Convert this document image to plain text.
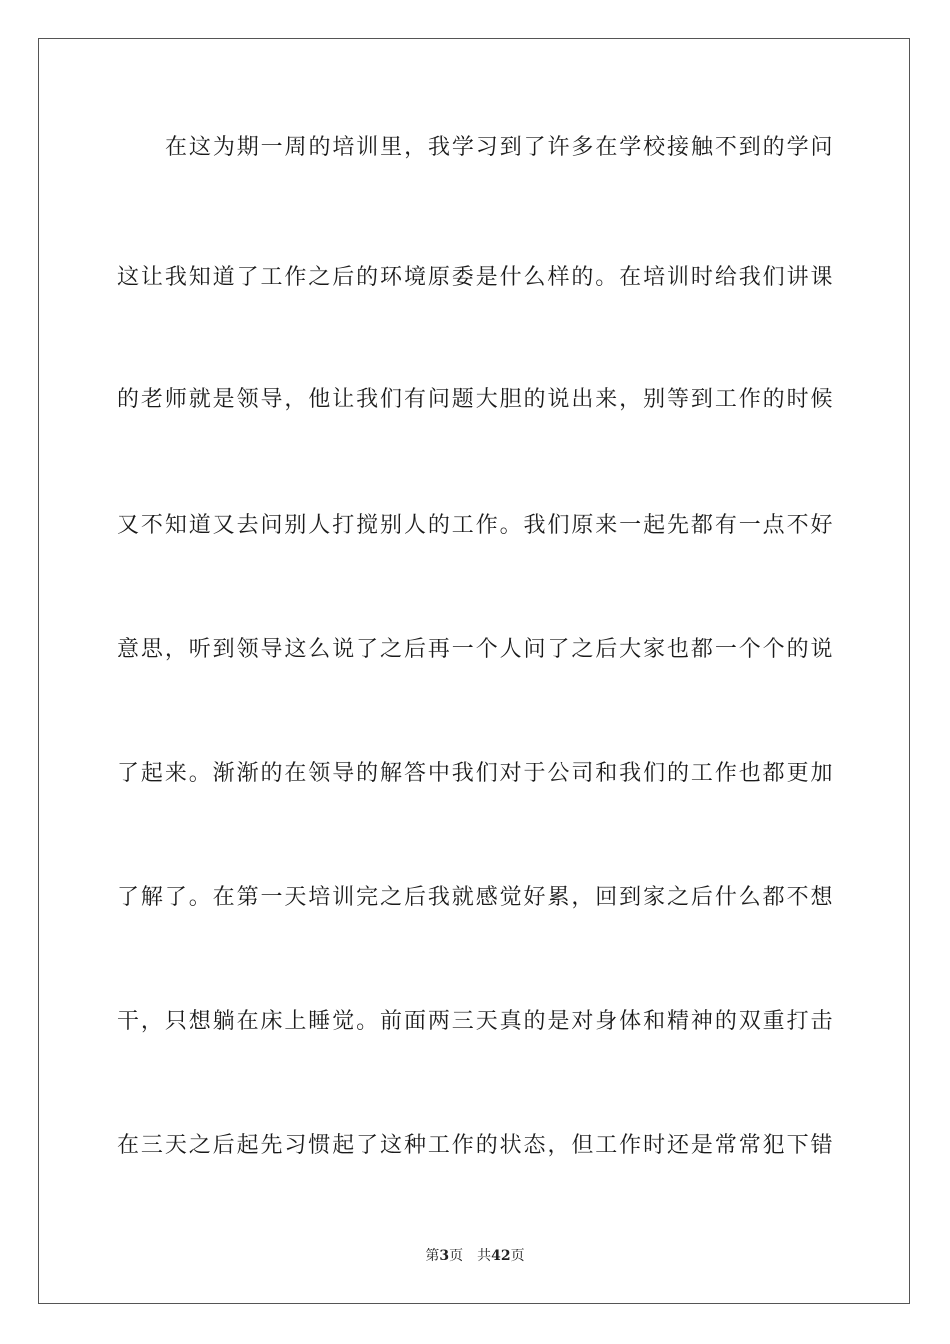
在这为期一周的培训里，我学习到了许多在学校接触不到的学问
这让我知道了工作之后的环境原委是什么样的。在培训时给我们讲课
的老师就是领导，他让我们有问题大胆的说出来，别等到工作的时候
又不知道又去问别人打搅别人的工作。我们原来一起先都有一点不好
意思，听到领导这么说了之后再一个人问了之后大家也都一个个的说
了起来。渐渐的在领导的解答中我们对于公司和我们的工作也都更加
了解了。在第一天培训完之后我就感觉好累，回到家之后什么都不想
干，只想躺在床上睡觉。前面两三天真的是对身体和精神的双重打击
在三天之后起先习惯起了这种工作的状态，但工作时还是常常犯下错
第3页 共42页
